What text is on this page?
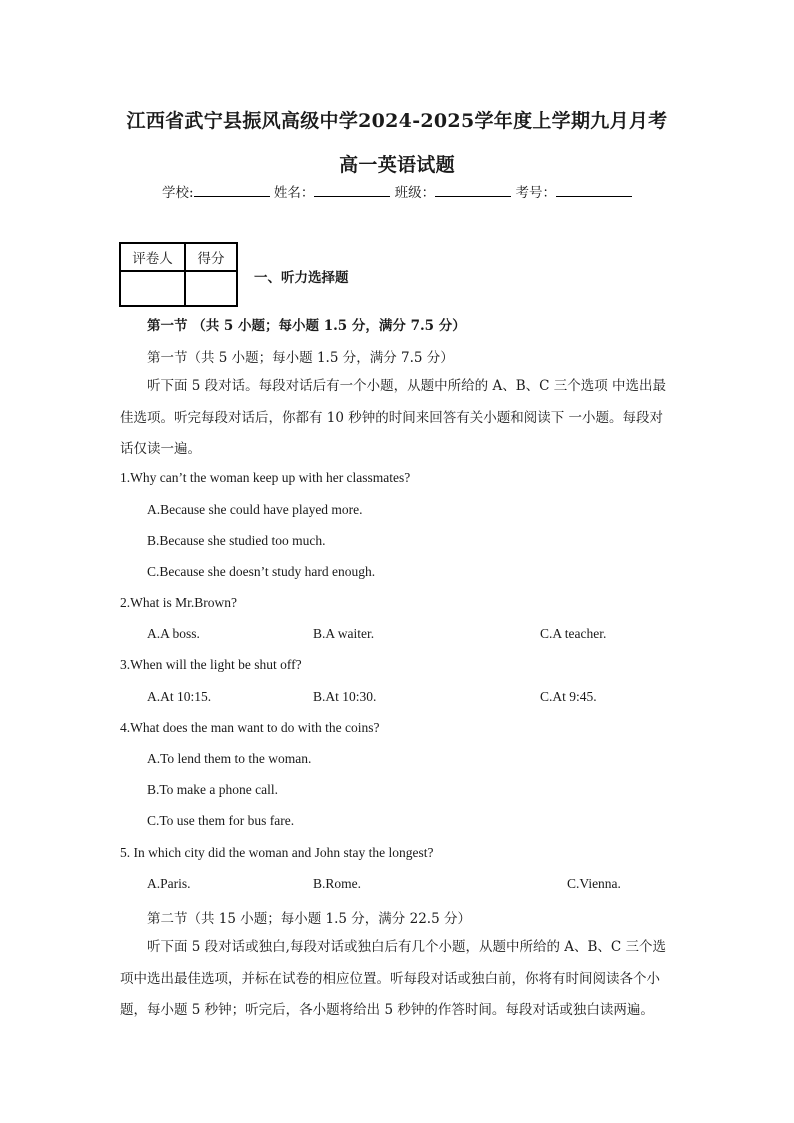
江西省武宁县振风高级中学2024-2025学年度上学期九月月考
高一英语试题
学校:	姓名：	班级：	考号：
评卷人	得分

一、听力选择题
第一节 （共 5 小题；每小题 1.5 分，满分 7.5 分）
第一节（共 5 小题；每小题 1.5 分，满分 7.5 分）
听下面 5 段对话。每段对话后有一个小题，从题中所给的 A、B、C 三个选项 中选出最佳选项。听完每段对话后，你都有 10 秒钟的时间来回答有关小题和阅读下 一小题。每段对话仅读一遍。
1.Why can’t the woman keep up with her classmates?
A.Because she could have played more.
B.Because she studied too much.
C.Because she doesn’t study hard enough.
2.What is Mr.Brown?
A.A boss.	B.A waiter.	C.A teacher.
3.When will the light be shut off?
A.At 10:15.	B.At 10:30.	C.At 9:45.
4.What does the man want to do with the coins?
A.To lend them to the woman.
B.To make a phone call.
C.To use them for bus fare.
5. In which city did the woman and John stay the longest?
A.Paris.	B.Rome.	C.Vienna.
第二节（共 15 小题；每小题 1.5 分，满分 22.5 分）
听下面 5 段对话或独白,每段对话或独白后有几个小题，从题中所给的 A、B、C 三个选项中选出最佳选项，并标在试卷的相应位置。听每段对话或独白前，你将有时间阅读各个小题，每小题 5 秒钟；听完后，各小题将给出 5 秒钟的作答时间。每段对话或独白读两遍。
